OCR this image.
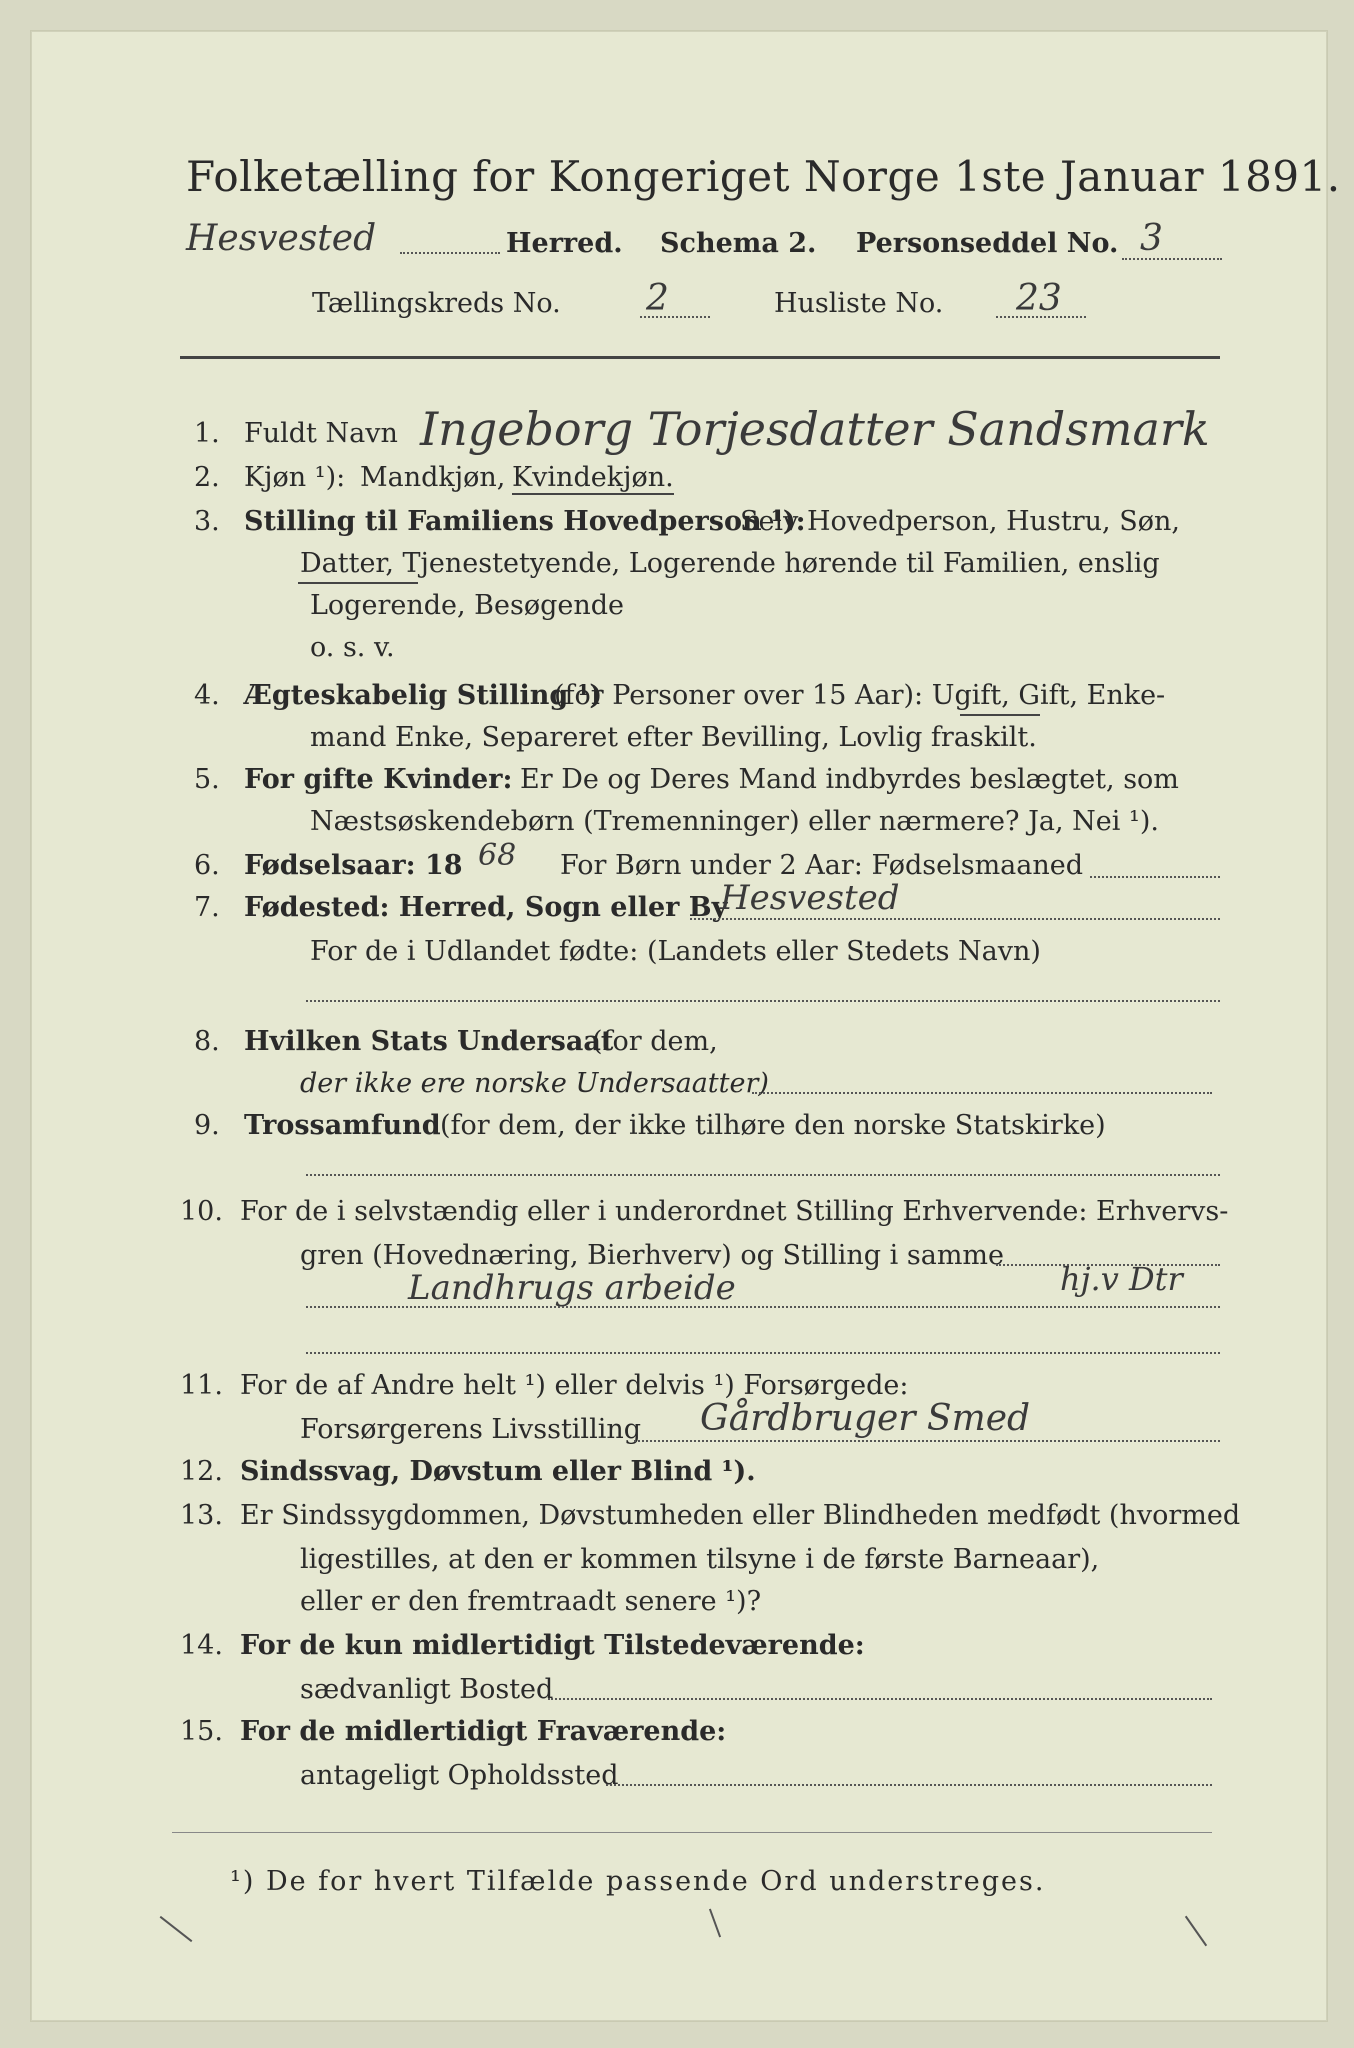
Folketælling for Kongeriget Norge 1ste Januar 1891.
Hesvested	Herred. Schema 2. Personseddel No. 3
Tællingskreds No. 2	Husliste No. 23
1. Fuldt Navn Ingeborg Torjesdatter Sandsmark
2. Kjøn ¹): Mandkjøn, Kvindekjøn.
3. Stilling til Familiens Hovedperson ¹):
Selv Hovedperson, Hustru, Søn,
Datter, Tjenestetyende, Logerende hørende til Familien, enslig
Logerende, Besøgende
o. s. v.
4. Ægteskabelig Stilling ¹)
(for Personer over 15 Aar): Ugift, Gift, Enke-
mand Enke, Separeret efter Bevilling, Lovlig fraskilt.
5. For gifte Kvinder: Er De og Deres Mand indbyrdes beslægtet, som
Næstsøskendebørn (Tremenninger) eller nærmere? Ja, Nei ¹).
6. Fødselsaar: 18 68 For Børn under 2 Aar: Fødselsmaaned
7. Fødested: Herred, Sogn eller By
Hesvested
For de i Udlandet fødte: (Landets eller Stedets Navn)
8. Hvilken Stats Undersaat
(for dem,
der ikke ere norske Undersaatter)
9. Trossamfund (for dem, der ikke tilhøre den norske Statskirke)
10. For de i selvstændig eller i underordnet Stilling Erhvervende: Erhvervs-
gren (Hovednæring, Bierhverv) og Stilling i samme
Landhrugs arbeide	hj.v Dtr
11. For de af Andre helt ¹) eller delvis ¹) Forsørgede:
Forsørgerens Livsstilling Gårdbruger Smed
12. Sindssvag, Døvstum eller Blind ¹).
13. Er Sindssygdommen, Døvstumheden eller Blindheden medfødt (hvormed
ligestilles, at den er kommen tilsyne i de første Barneaar),
eller er den fremtraadt senere ¹)?
14. For de kun midlertidigt Tilstedeværende:
sædvanligt Bosted
15. For de midlertidigt Fraværende:
antageligt Opholdssted
¹) De for hvert Tilfælde passende Ord understreges.
